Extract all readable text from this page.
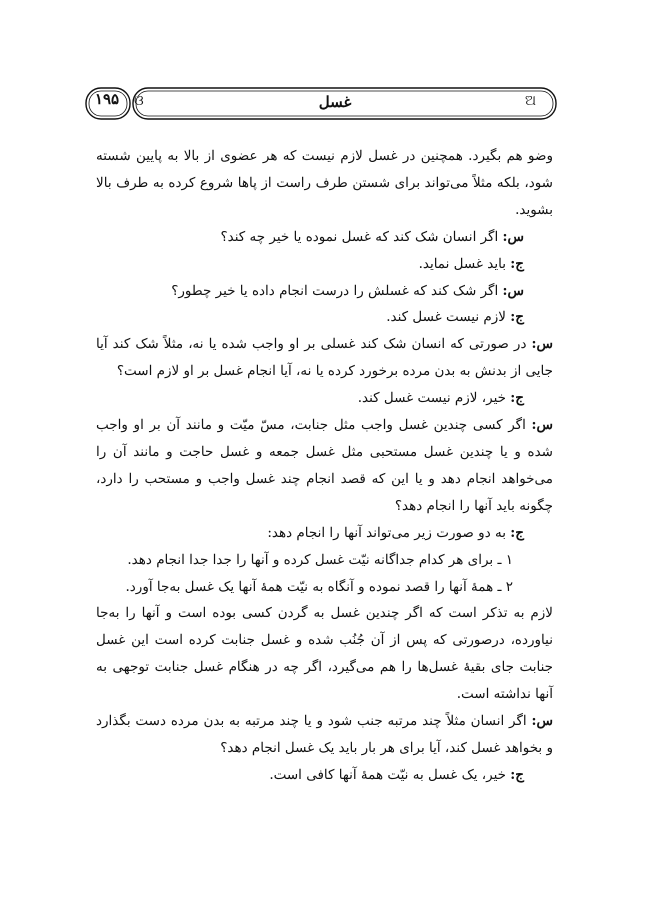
۱۹۵	ଓ	غسل	ଅ
وضو هم بگیرد. همچنین در غسل لازم نیست که هر عضوی از بالا به پایین شسته شود، بلکه مثلاً می‌تواند برای شستن طرف راست از پاها شروع کرده به طرف بالا بشوید.
س: اگر انسان شک کند که غسل نموده یا خیر چه کند؟
ج: باید غسل نماید.
س: اگر شک کند که غسلش را درست انجام داده یا خیر چطور؟
ج: لازم نیست غسل کند.
س: در صورتی که انسان شک کند غسلی بر او واجب شده یا نه، مثلاً شک کند آیا جایی از بدنش به بدن مرده برخورد کرده یا نه، آیا انجام غسل بر او لازم است؟
ج: خیر، لازم نیست غسل کند.
س: اگر کسی چندین غسل واجب مثل جنابت، مسّ میّت و مانند آن بر او واجب شده و یا چندین غسل مستحبی مثل غسل جمعه و غسل حاجت و مانند آن را می‌خواهد انجام دهد و یا این که قصد انجام چند غسل واجب و مستحب را دارد، چگونه باید آنها را انجام دهد؟
ج: به دو صورت زیر می‌تواند آنها را انجام دهد:
۱ ـ برای هر کدام جداگانه نیّت غسل کرده و آنها را جدا جدا انجام دهد.
۲ ـ همهٔ آنها را قصد نموده و آنگاه به نیّت همهٔ آنها یک غسل به‌جا آورد.
لازم به تذکر است که اگر چندین غسل به گردن کسی بوده است و آنها را به‌جا نیاورده، درصورتی که پس از آن جُنُب شده و غسل جنابت کرده است این غسل جنابت جای بقیهٔ غسل‌ها را هم می‌گیرد، اگر چه در هنگام غسل جنابت توجهی به آنها نداشته است.
س: اگر انسان مثلاً چند مرتبه جنب شود و یا چند مرتبه به بدن مرده دست بگذارد و بخواهد غسل کند، آیا برای هر بار باید یک غسل انجام دهد؟
ج: خیر، یک غسل به نیّت همهٔ آنها کافی است.
